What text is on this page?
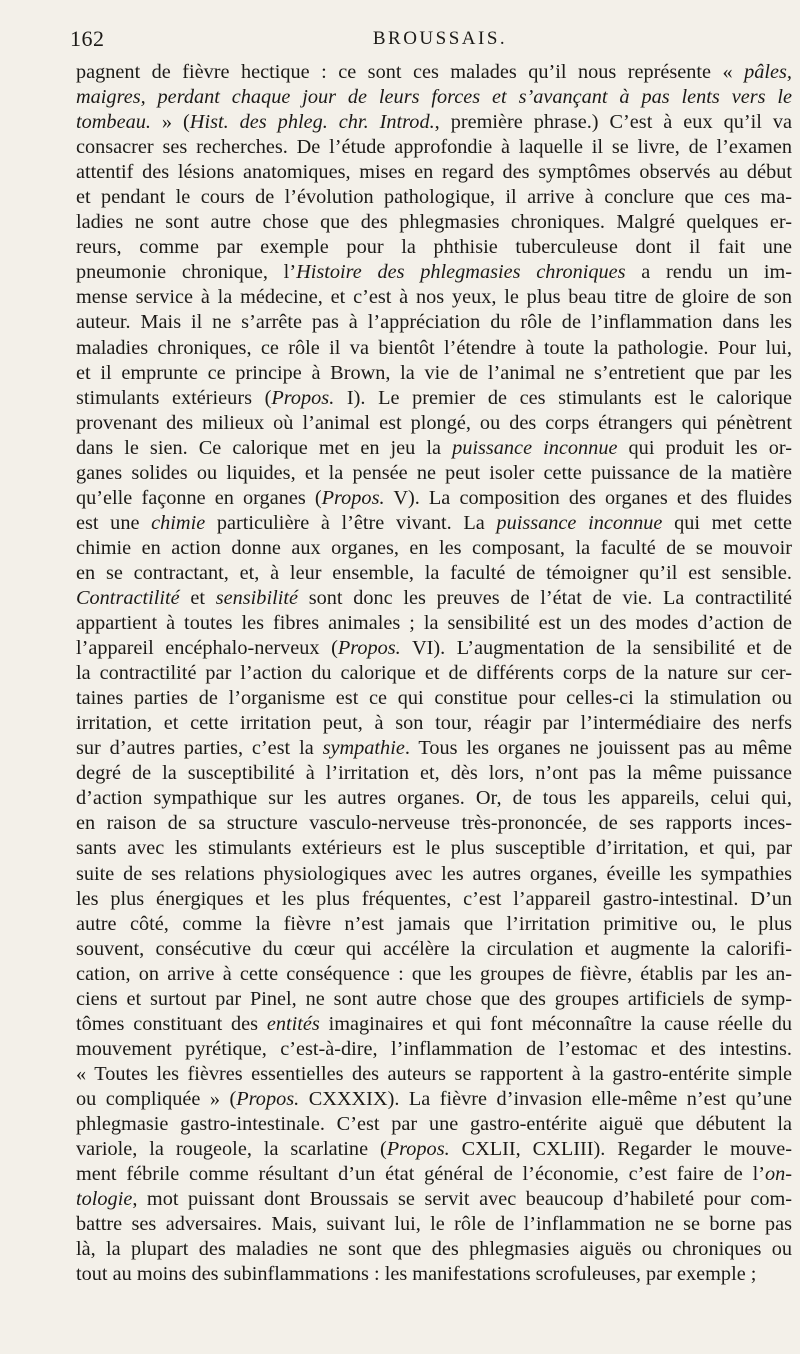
162	BROUSSAIS.
pagnent de fièvre hectique : ce sont ces malades qu’il nous représente « pâles,
maigres, perdant chaque jour de leurs forces et s’avançant à pas lents vers le
tombeau. » (Hist. des phleg. chr. Introd., première phrase.) C’est à eux qu’il va
consacrer ses recherches. De l’étude approfondie à laquelle il se livre, de l’examen
attentif des lésions anatomiques, mises en regard des symptômes observés au début
et pendant le cours de l’évolution pathologique, il arrive à conclure que ces ma-
ladies ne sont autre chose que des phlegmasies chroniques. Malgré quelques er-
reurs, comme par exemple pour la phthisie tuberculeuse dont il fait une
pneumonie chronique, l’Histoire des phlegmasies chroniques a rendu un im-
mense service à la médecine, et c’est à nos yeux, le plus beau titre de gloire de son
auteur. Mais il ne s’arrête pas à l’appréciation du rôle de l’inflammation dans les
maladies chroniques, ce rôle il va bientôt l’étendre à toute la pathologie. Pour lui,
et il emprunte ce principe à Brown, la vie de l’animal ne s’entretient que par les
stimulants extérieurs (Propos. I). Le premier de ces stimulants est le calorique
provenant des milieux où l’animal est plongé, ou des corps étrangers qui pénètrent
dans le sien. Ce calorique met en jeu la puissance inconnue qui produit les or-
ganes solides ou liquides, et la pensée ne peut isoler cette puissance de la matière
qu’elle façonne en organes (Propos. V). La composition des organes et des fluides
est une chimie particulière à l’être vivant. La puissance inconnue qui met cette
chimie en action donne aux organes, en les composant, la faculté de se mouvoir
en se contractant, et, à leur ensemble, la faculté de témoigner qu’il est sensible.
Contractilité et sensibilité sont donc les preuves de l’état de vie. La contractilité
appartient à toutes les fibres animales ; la sensibilité est un des modes d’action de
l’appareil encéphalo-nerveux (Propos. VI). L’augmentation de la sensibilité et de
la contractilité par l’action du calorique et de différents corps de la nature sur cer-
taines parties de l’organisme est ce qui constitue pour celles-ci la stimulation ou
irritation, et cette irritation peut, à son tour, réagir par l’intermédiaire des nerfs
sur d’autres parties, c’est la sympathie. Tous les organes ne jouissent pas au même
degré de la susceptibilité à l’irritation et, dès lors, n’ont pas la même puissance
d’action sympathique sur les autres organes. Or, de tous les appareils, celui qui,
en raison de sa structure vasculo-nerveuse très-prononcée, de ses rapports inces-
sants avec les stimulants extérieurs est le plus susceptible d’irritation, et qui, par
suite de ses relations physiologiques avec les autres organes, éveille les sympathies
les plus énergiques et les plus fréquentes, c’est l’appareil gastro-intestinal. D’un
autre côté, comme la fièvre n’est jamais que l’irritation primitive ou, le plus
souvent, consécutive du cœur qui accélère la circulation et augmente la calorifi-
cation, on arrive à cette conséquence : que les groupes de fièvre, établis par les an-
ciens et surtout par Pinel, ne sont autre chose que des groupes artificiels de symp-
tômes constituant des entités imaginaires et qui font méconnaître la cause réelle du
mouvement pyrétique, c’est-à-dire, l’inflammation de l’estomac et des intestins.
« Toutes les fièvres essentielles des auteurs se rapportent à la gastro-entérite simple
ou compliquée » (Propos. CXXXIX). La fièvre d’invasion elle-même n’est qu’une
phlegmasie gastro-intestinale. C’est par une gastro-entérite aiguë que débutent la
variole, la rougeole, la scarlatine (Propos. CXLII, CXLIII). Regarder le mouve-
ment fébrile comme résultant d’un état général de l’économie, c’est faire de l’on-
tologie, mot puissant dont Broussais se servit avec beaucoup d’habileté pour com-
battre ses adversaires. Mais, suivant lui, le rôle de l’inflammation ne se borne pas
là, la plupart des maladies ne sont que des phlegmasies aiguës ou chroniques ou
tout au moins des subinflammations : les manifestations scrofuleuses, par exemple ;
